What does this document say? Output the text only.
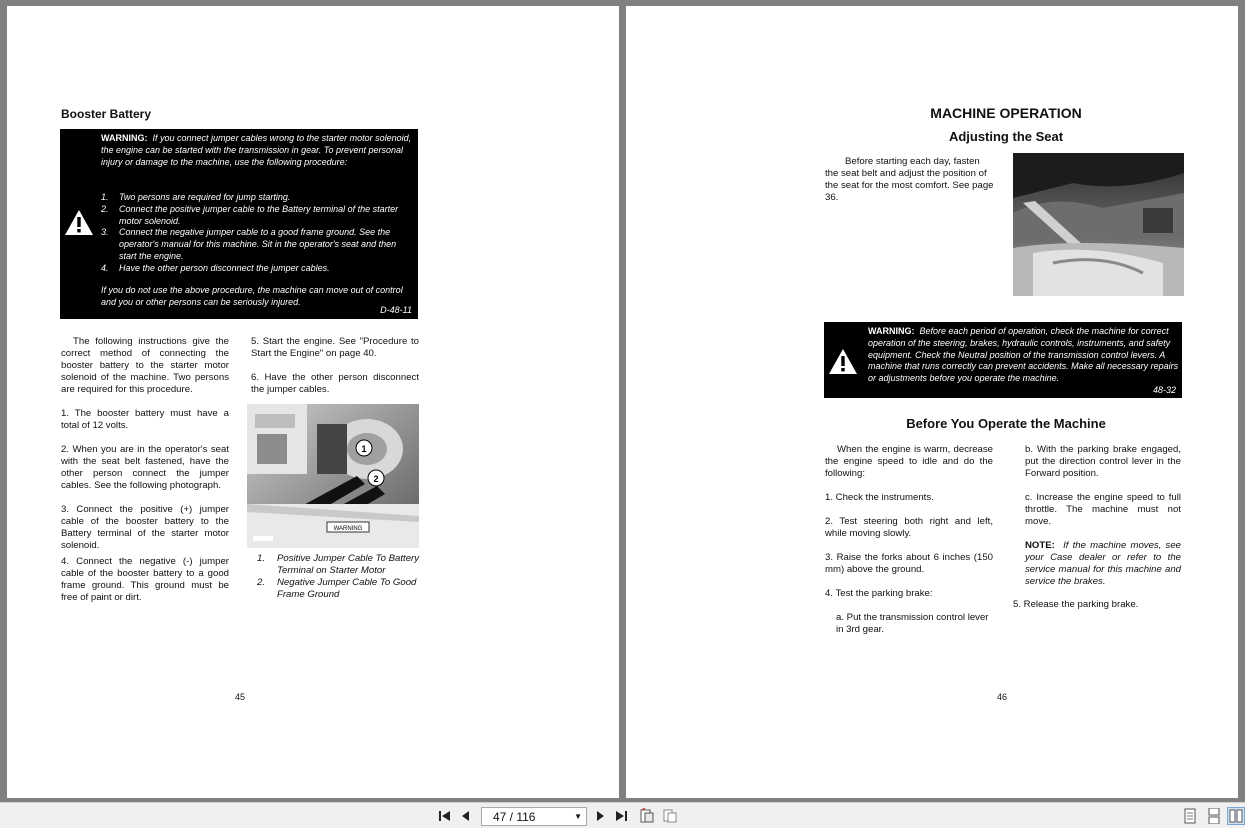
Booster Battery
WARNING: If you connect jumper cables wrong to the starter motor solenoid, the engine can be started with the transmission in gear. To prevent personal injury or damage to the machine, use the following procedure:
1.	Two persons are required for jump starting.
2.	Connect the positive jumper cable to the Battery terminal of the starter motor solenoid.
3.	Connect the negative jumper cable to a good frame ground. See the operator's manual for this machine. Sit in the operator's seat and then start the engine.
4.	Have the other person disconnect the jumper cables.
If you do not use the above procedure, the machine can move out of control and you or other persons can be seriously injured.
D-48-11

The following instructions give the correct method of connecting the booster battery to the starter motor solenoid of the machine. Two persons are required for this procedure.

1. The booster battery must have a total of 12 volts.

2. When you are in the operator's seat with the seat belt fastened, have the other person connect the jumper cables. See the following photograph.

3. Connect the positive (+) jumper cable of the booster battery to the Battery terminal of the starter motor solenoid.

4. Connect the negative (-) jumper cable of the booster battery to a good frame ground. This ground must be free of paint or dirt.

5. Start the engine. See "Procedure to Start the Engine" on page 40.

6. Have the other person disconnect the jumper cables.

WARNING
1
2
1.	Positive Jumper Cable To Battery Terminal on Starter Motor
2.	Negative Jumper Cable To Good Frame Ground
45
MACHINE OPERATION
Adjusting the Seat
Before starting each day, fasten the seat belt and adjust the position of the seat for the most comfort. See page 36.
WARNING: Before each period of operation, check the machine for correct operation of the steering, brakes, hydraulic controls, instruments, and safety equipment. Check the Neutral position of the transmission control levers. A machine that runs correctly can prevent accidents. Make all necessary repairs or adjustments before you operate the machine.
48-32
Before You Operate the Machine

When the engine is warm, decrease the engine speed to idle and do the following:

1. Check the instruments.

2. Test steering both right and left, while moving slowly.

3. Raise the forks about 6 inches (150 mm) above the ground.

4. Test the parking brake:

a. Put the transmission control lever in 3rd gear.

b. With the parking brake engaged, put the direction control lever in the Forward position.

c. Increase the engine speed to full throttle. The machine must not move.

NOTE: If the machine moves, see your Case dealer or refer to the service manual for this machine and service the brakes.

5. Release the parking brake.
46
47 / 116	▼
